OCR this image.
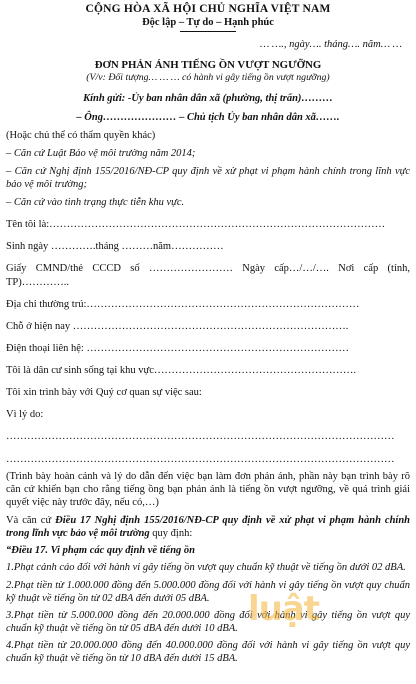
CỘNG HÒA XÃ HỘI CHỦ NGHĨA VIỆT NAM
Độc lập – Tự do – Hạnh phúc
… …., ngày…. tháng…. năm… …
ĐƠN PHẢN ÁNH TIẾNG ỒN VƯỢT NGƯỠNG
(V/v: Đối tượng… … … có hành vi gây tiếng ồn vượt ngưỡng)
Kính gửi: -Ủy ban nhân dân xã (phường, thị trấn)………
– Ông………………… – Chủ tịch Ủy ban nhân dân xã…….
(Hoặc chủ thể có thẩm quyền khác)
– Căn cứ Luật Bảo vệ môi trường năm 2014;
– Căn cứ Nghị định 155/2016/NĐ-CP quy định về xử phạt vi phạm hành chính trong lĩnh vực bảo vệ môi trường;
– Căn cứ vào tình trạng thực tiễn khu vực.
Tên tôi là:……………………………………………………………………………………
Sinh ngày ………….tháng ………năm……………
Giấy CMND/thẻ CCCD số …………………… Ngày cấp…/…/…. Nơi cấp (tỉnh, TP)…………..
Địa chỉ thường trú:……………………………………………………………………
Chỗ ở hiện nay …………………………………………………………………….
Điện thoại liên hệ: …………………………………………………………………
Tôi là dân cư sinh sống tại khu vực………………………………………………….
Tôi xin trình bày với Quý cơ quan sự việc sau:
Vì lý do:
…………………………………………………………………………………………………
…………………………………………………………………………………………………
(Trình bày hoàn cảnh và lý do dẫn đến việc bạn làm đơn phản ánh, phần này bạn trình bày rõ căn cứ khiến bạn cho rằng tiếng ồng bạn phản ánh là tiếng ồn vượt ngưỡng, về quá trình giải quyết việc này trước đây, nếu có,…)
Và căn cứ Điều 17 Nghị định 155/2016/NĐ-CP quy định về xử phạt vi phạm hành chính trong lĩnh vực bảo vệ môi trường quy định:
“Điều 17. Vi phạm các quy định về tiếng ồn
1.Phạt cảnh cáo đối với hành vi gây tiếng ồn vượt quy chuẩn kỹ thuật về tiếng ồn dưới 02 dBA.
2.Phạt tiền từ 1.000.000 đồng đến 5.000.000 đồng đối với hành vi gây tiếng ồn vượt quy chuẩn kỹ thuật về tiếng ồn từ 02 dBA đến dưới 05 dBA.
3.Phạt tiền từ 5.000.000 đồng đến 20.000.000 đồng đối với hành vi gây tiếng ồn vượt quy chuẩn kỹ thuật về tiếng ồn từ 05 dBA đến dưới 10 dBA.
4.Phạt tiền từ 20.000.000 đồng đến 40.000.000 đồng đối với hành vi gây tiếng ồn vượt quy chuẩn kỹ thuật về tiếng ồn từ 10 dBA đến dưới 15 dBA.
luật
